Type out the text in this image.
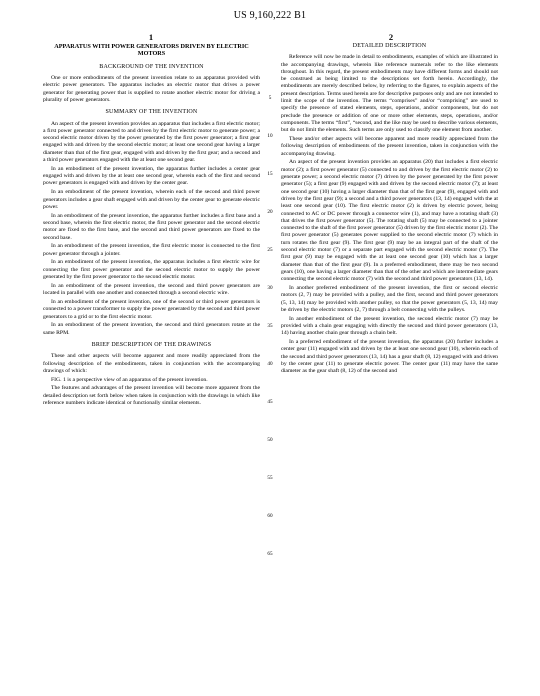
US 9,160,222 B1
1	2
APPARATUS WITH POWER GENERATORS DRIVEN BY ELECTRIC MOTORS
BACKGROUND OF THE INVENTION

One or more embodiments of the present invention relate to an apparatus provided with electric power generators. The apparatus includes an electric motor that drives a power generator for generating power that is supplied to rotate another electric motor for driving a plurality of power generators.

SUMMARY OF THE INVENTION

An aspect of the present invention provides an apparatus that includes a first electric motor; a first power generator connected to and driven by the first electric motor to generate power; a second electric motor driven by the power generated by the first power generator; a first gear engaged with and driven by the second electric motor; at least one second gear having a larger diameter than that of the first gear, engaged with and driven by the first gear; and a second and a third power generators engaged with the at least one second gear.

In an embodiment of the present invention, the apparatus further includes a center gear engaged with and driven by the at least one second gear, wherein each of the first and second power generators is engaged with and driven by the center gear.

In an embodiment of the present invention, wherein each of the second and third power generators includes a gear shaft engaged with and driven by the center gear to generate electric power.

In an embodiment of the present invention, the apparatus further includes a first base and a second base, wherein the first electric motor, the first power generator and the second electric motor are fixed to the first base, and the second and third power generators are fixed to the second base.

In an embodiment of the present invention, the first electric motor is connected to the first power generator through a jointer.

In an embodiment of the present invention, the apparatus includes a first electric wire for connecting the first power generator and the second electric motor to supply the power generated by the first power generator to the second electric motor.

In an embodiment of the present invention, the second and third power generators are located in parallel with one another and connected through a second electric wire.

In an embodiment of the present invention, one of the second or third power generators is connected to a power transformer to supply the power generated by the second and third power generators to a grid or to the first electric motor.

In an embodiment of the present invention, the second and third generators rotate at the same RPM.

BRIEF DESCRIPTION OF THE DRAWINGS

These and other aspects will become apparent and more readily appreciated from the following description of the embodiments, taken in conjunction with the accompanying drawings of which:

FIG. 1 is a perspective view of an apparatus of the present invention.

The features and advantages of the present invention will become more apparent from the detailed description set forth below when taken in conjunction with the drawings in which like reference numbers indicate identical or functionally similar elements.

5
10
15
20
25
30
35
40
45
50
55
60
65
DETAILED DESCRIPTION

Reference will now be made in detail to embodiments, examples of which are illustrated in the accompanying drawings, wherein like reference numerals refer to the like elements throughout. In this regard, the present embodiments may have different forms and should not be construed as being limited to the descriptions set forth herein. Accordingly, the embodiments are merely described below, by referring to the figures, to explain aspects of the present description. Terms used herein are for descriptive purposes only and are not intended to limit the scope of the invention. The terms “comprises” and/or “comprising” are used to specify the presence of stated elements, steps, operations, and/or components, but do not preclude the presence or addition of one or more other elements, steps, operations, and/or components. The terms “first”, “second, and the like may be used to describe various elements, but do not limit the elements. Such terms are only used to classify one element from another.

These and/or other aspects will become apparent and more readily appreciated from the following description of embodiments of the present invention, taken in conjunction with the accompanying drawing.

An aspect of the present invention provides an apparatus (20) that includes a first electric motor (2); a first power generator (5) connected to and driven by the first electric motor (2) to generate power; a second electric motor (7) driven by the power generated by the first power generator (5); a first gear (9) engaged with and driven by the second electric motor (7); at least one second gear (10) having a larger diameter than that of the first gear (9), engaged with and driven by the first gear (9); a second and a third power generators (13, 14) engaged with the at least one second gear (10). The first electric motor (2) is driven by electric power, being connected to AC or DC power through a connector wire (1), and may have a rotating shaft (3) that drives the first power generator (5). The rotating shaft (5) may be connected to a jointer connected to the shaft of the first power generator (5) driven by the first electric motor (2). The first power generator (5) generates power supplied to the second electric motor (7) which in turn rotates the first gear (9). The first gear (9) may be an integral part of the shaft of the second electric motor (7) or a separate part engaged with the second electric motor (7). The first gear (9) may be engaged with the at least one second gear (10) which has a larger diameter than that of the first gear (9). In a preferred embodiment, there may be two second gears (10), one having a larger diameter than that of the other and which are intermediate gears connecting the second electric motor (7) with the second and third power generators (13, 14).

In another preferred embodiment of the present invention, the first or second electric motors (2, 7) may be provided with a pulley, and the first, second and third power generators (5, 13, 14) may be provided with another pulley, so that the power generators (5, 13, 14) may be driven by the electric motors (2, 7) through a belt connecting with the pulleys.

In another embodiment of the present invention, the second electric motor (7) may be provided with a chain gear engaging with directly the second and third power generators (13, 14) having another chain gear through a chain belt.

In a preferred embodiment of the present invention, the apparatus (20) further includes a center gear (11) engaged with and driven by the at least one second gear (10), wherein each of the second and third power generators (13, 14) has a gear shaft (8, 12) engaged with and driven by the center gear (11) to generate electric power. The center gear (11) may have the same diameter as the gear shaft (8, 12) of the second and
